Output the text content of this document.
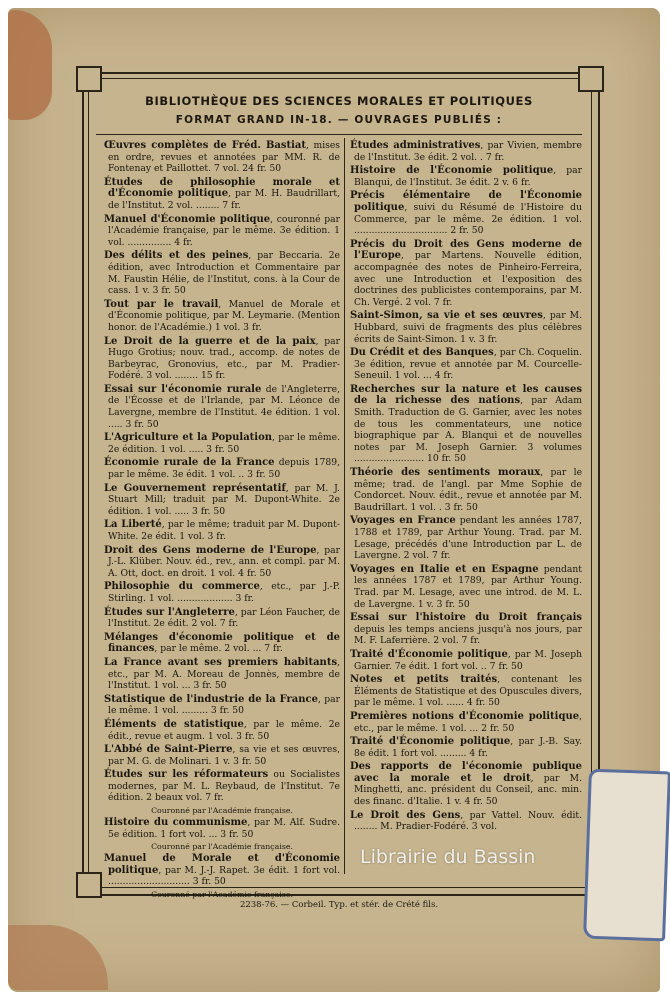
BIBLIOTHÈQUE DES SCIENCES MORALES ET POLITIQUES
FORMAT GRAND IN-18. — OUVRAGES PUBLIÉS :

Œuvres complètes de Fréd. Bastiat, mises en ordre, revues et annotées par MM. R. de Fontenay et Paillottet. 7 vol. 24 fr. 50

Études de philosophie morale et d'Économie politique, par M. H. Baudrillart, de l'Institut. 2 vol. ........ 7 fr.

Manuel d'Économie politique, couronné par l'Académie française, par le même. 3e édition. 1 vol. ............... 4 fr.

Des délits et des peines, par Beccaria. 2e édition, avec Introduction et Commentaire par M. Faustin Hélie, de l'Institut, cons. à la Cour de cass. 1 v. 3 fr. 50

Tout par le travail, Manuel de Morale et d'Économie politique, par M. Leymarie. (Mention honor. de l'Académie.) 1 vol. 3 fr.

Le Droit de la guerre et de la paix, par Hugo Grotius; nouv. trad., accomp. de notes de Barbeyrac, Gronovius, etc., par M. Pradier-Fodéré. 3 vol. ........ 15 fr.

Essai sur l'économie rurale de l'Angleterre, de l'Écosse et de l'Irlande, par M. Léonce de Lavergne, membre de l'Institut. 4e édition. 1 vol. ..... 3 fr. 50

L'Agriculture et la Population, par le même. 2e édition. 1 vol. ..... 3 fr. 50

Économie rurale de la France depuis 1789, par le même. 3e édit. 1 vol. .. 3 fr. 50

Le Gouvernement représentatif, par M. J. Stuart Mill; traduit par M. Dupont-White. 2e édition. 1 vol. ..... 3 fr. 50

La Liberté, par le même; traduit par M. Dupont-White. 2e édit. 1 vol. 3 fr.

Droit des Gens moderne de l'Europe, par J.-L. Klüber. Nouv. éd., rev., ann. et compl. par M. A. Ott, doct. en droit. 1 vol. 4 fr. 50

Philosophie du commerce, etc., par J.-P. Stirling. 1 vol. ................... 3 fr.

Études sur l'Angleterre, par Léon Faucher, de l'Institut. 2e édit. 2 vol. 7 fr.

Mélanges d'économie politique et de finances, par le même. 2 vol. ... 7 fr.

La France avant ses premiers habitants, etc., par M. A. Moreau de Jonnès, membre de l'Institut. 1 vol. ... 3 fr. 50

Statistique de l'industrie de la France, par le même. 1 vol. ......... 3 fr. 50

Éléments de statistique, par le même. 2e édit., revue et augm. 1 vol. 3 fr. 50

L'Abbé de Saint-Pierre, sa vie et ses œuvres, par M. G. de Molinari. 1 v. 3 fr. 50

Études sur les réformateurs ou Socialistes modernes, par M. L. Reybaud, de l'Institut. 7e édition. 2 beaux vol. 7 fr.

Couronné par l'Académie française.

Histoire du communisme, par M. Alf. Sudre. 5e édition. 1 fort vol. ... 3 fr. 50

Couronné par l'Académie française.

Manuel de Morale et d'Économie politique, par M. J.-J. Rapet. 3e édit. 1 fort vol. ............................ 3 fr. 50

Couronné par l'Académie française.

Études administratives, par Vivien, membre de l'Institut. 3e édit. 2 vol. . 7 fr.

Histoire de l'Économie politique, par Blanqui, de l'Institut. 3e édit. 2 v. 6 fr.

Précis élémentaire de l'Économie politique, suivi du Résumé de l'Histoire du Commerce, par le même. 2e édition. 1 vol. ................................ 2 fr. 50

Précis du Droit des Gens moderne de l'Europe, par Martens. Nouvelle édition, accompagnée des notes de Pinheiro-Ferreira, avec une Introduction et l'exposition des doctrines des publicistes contemporains, par M. Ch. Vergé. 2 vol. 7 fr.

Saint-Simon, sa vie et ses œuvres, par M. Hubbard, suivi de fragments des plus célèbres écrits de Saint-Simon. 1 v. 3 fr.

Du Crédit et des Banques, par Ch. Coquelin. 3e édition, revue et annotée par M. Courcelle-Seneuil. 1 vol. ... 4 fr.

Recherches sur la nature et les causes de la richesse des nations, par Adam Smith. Traduction de G. Garnier, avec les notes de tous les commentateurs, une notice biographique par A. Blanqui et de nouvelles notes par M. Joseph Garnier. 3 volumes ........................ 10 fr. 50

Théorie des sentiments moraux, par le même; trad. de l'angl. par Mme Sophie de Condorcet. Nouv. édit., revue et annotée par M. Baudrillart. 1 vol. . 3 fr. 50

Voyages en France pendant les années 1787, 1788 et 1789, par Arthur Young. Trad. par M. Lesage, précédés d'une Introduction par L. de Lavergne. 2 vol. 7 fr.

Voyages en Italie et en Espagne pendant les années 1787 et 1789, par Arthur Young. Trad. par M. Lesage, avec une introd. de M. L. de Lavergne. 1 v. 3 fr. 50

Essai sur l'histoire du Droit français depuis les temps anciens jusqu'à nos jours, par M. F. Laferrière. 2 vol. 7 fr.

Traité d'Économie politique, par M. Joseph Garnier. 7e édit. 1 fort vol. .. 7 fr. 50

Notes et petits traités, contenant les Éléments de Statistique et des Opuscules divers, par le même. 1 vol. ...... 4 fr. 50

Premières notions d'Économie politique, etc., par le même. 1 vol. ... 2 fr. 50

Traité d'Économie politique, par J.-B. Say. 8e édit. 1 fort vol. ......... 4 fr.

Des rapports de l'économie publique avec la morale et le droit, par M. Minghetti, anc. président du Conseil, anc. min. des financ. d'Italie. 1 v. 4 fr. 50

Le Droit des Gens, par Vattel. Nouv. édit. ........ M. Pradier-Fodéré. 3 vol.

2238-76. — Corbeil. Typ. et stér. de Crété fils.
Librairie du Bassin
